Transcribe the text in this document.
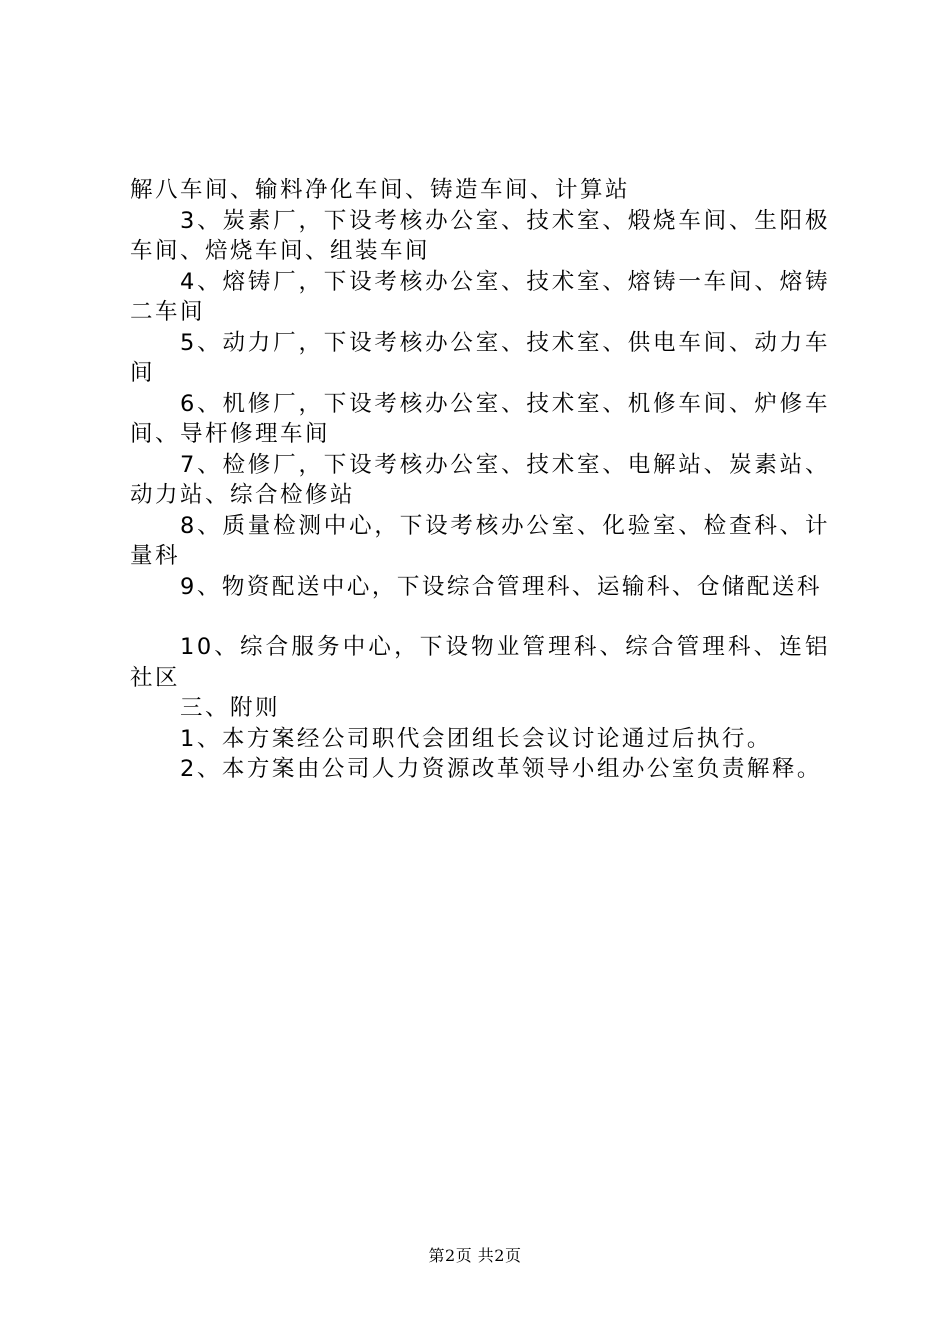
解八车间、输料净化车间、铸造车间、计算站

3、炭素厂，下设考核办公室、技术室、煅烧车间、生阳极车间、焙烧车间、组装车间

4、熔铸厂，下设考核办公室、技术室、熔铸一车间、熔铸二车间

5、动力厂，下设考核办公室、技术室、供电车间、动力车间

6、机修厂，下设考核办公室、技术室、机修车间、炉修车间、导杆修理车间

7、检修厂，下设考核办公室、技术室、电解站、炭素站、动力站、综合检修站

8、质量检测中心，下设考核办公室、化验室、检查科、计量科

9、物资配送中心，下设综合管理科、运输科、仓储配送科

10、综合服务中心，下设物业管理科、综合管理科、连铝社区

三、附则

1、本方案经公司职代会团组长会议讨论通过后执行。

2、本方案由公司人力资源改革领导小组办公室负责解释。

第2页 共2页
